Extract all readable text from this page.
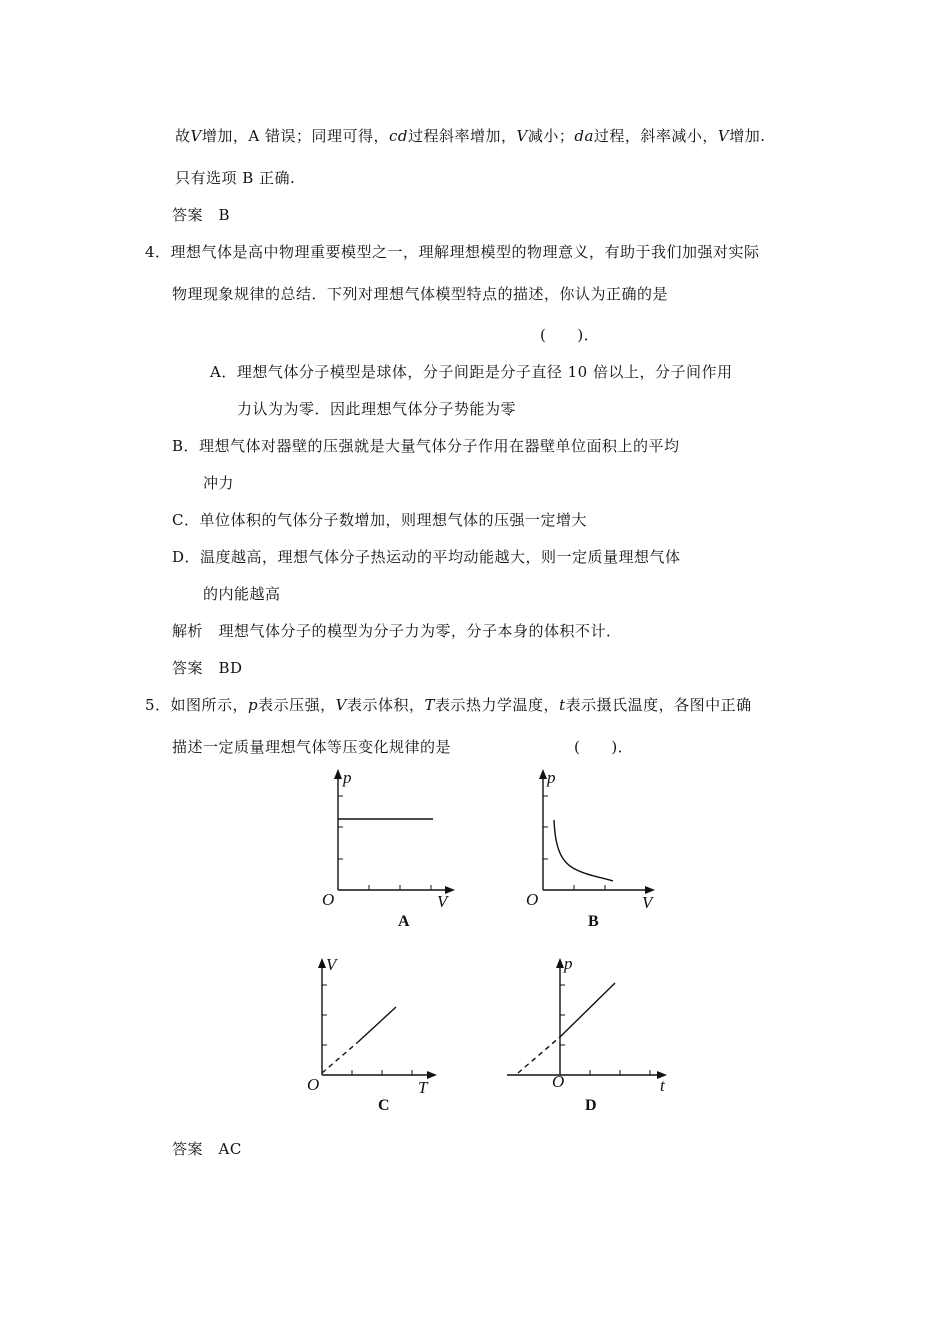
故V增加，A 错误；同理可得，cd过程斜率增加，V减小；da过程，斜率减小，V增加.
只有选项 B 正确.
答案　B
4．理想气体是高中物理重要模型之一，理解理想模型的物理意义，有助于我们加强对实际
物理现象规律的总结．下列对理想气体模型特点的描述，你认为正确的是
(　　)．
A．理想气体分子模型是球体，分子间距是分子直径 10 倍以上，分子间作用
力认为为零．因此理想气体分子势能为零
B．理想气体对器壁的压强就是大量气体分子作用在器壁单位面积上的平均
冲力
C．单位体积的气体分子数增加，则理想气体的压强一定增大
D．温度越高，理想气体分子热运动的平均动能越大，则一定质量理想气体
的内能越高
解析　理想气体分子的模型为分子力为零，分子本身的体积不计．
答案　BD
5．如图所示，p表示压强，V表示体积，T表示热力学温度，t表示摄氏温度，各图中正确
描述一定质量理想气体等压变化规律的是	(　　)．
p
V
O
A
p
V
O
B
V
T
O
C
p
t
O
D
答案　AC
